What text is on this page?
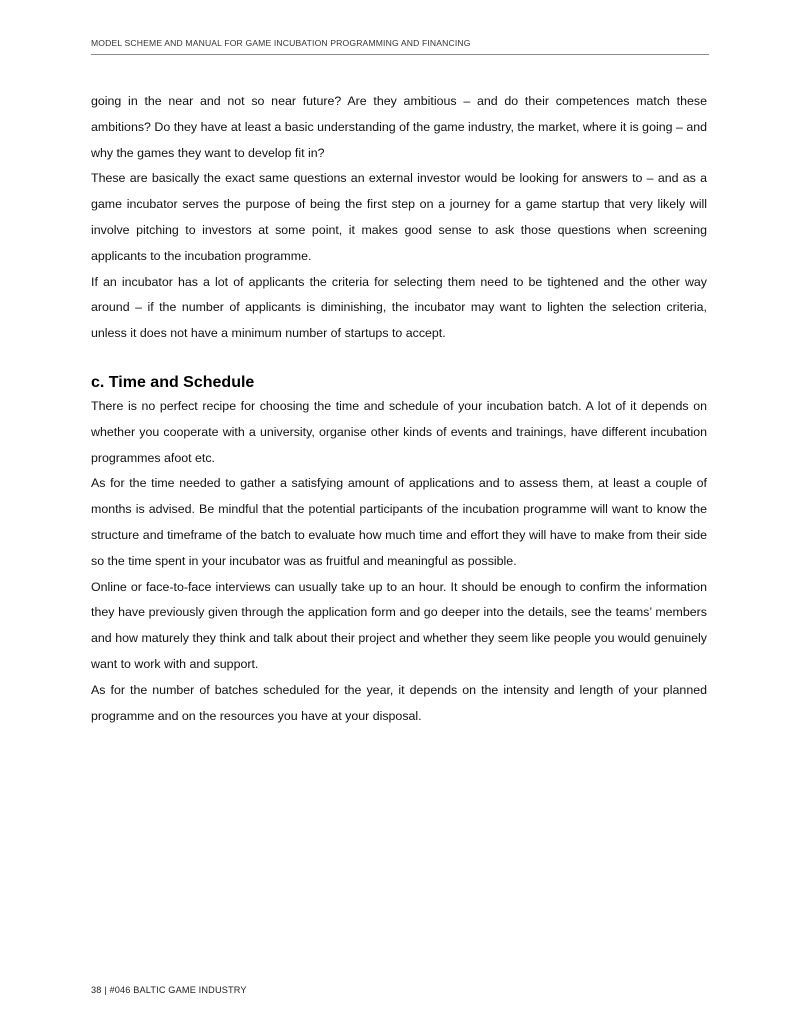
MODEL SCHEME AND MANUAL FOR GAME INCUBATION PROGRAMMING AND FINANCING

going in the near and not so near future? Are they ambitious – and do their competences match these ambitions? Do they have at least a basic understanding of the game industry, the market, where it is going – and why the games they want to develop fit in?

These are basically the exact same questions an external investor would be looking for answers to – and as a game incubator serves the purpose of being the first step on a journey for a game startup that very likely will involve pitching to investors at some point, it makes good sense to ask those questions when screening applicants to the incubation programme.

If an incubator has a lot of applicants the criteria for selecting them need to be tightened and the other way around – if the number of applicants is diminishing, the incubator may want to lighten the selection criteria, unless it does not have a minimum number of startups to accept.

c. Time and Schedule

There is no perfect recipe for choosing the time and schedule of your incubation batch. A lot of it depends on whether you cooperate with a university, organise other kinds of events and trainings, have different incubation programmes afoot etc.

As for the time needed to gather a satisfying amount of applications and to assess them, at least a couple of months is advised. Be mindful that the potential participants of the incubation programme will want to know the structure and timeframe of the batch to evaluate how much time and effort they will have to make from their side so the time spent in your incubator was as fruitful and meaningful as possible.

Online or face-to-face interviews can usually take up to an hour. It should be enough to confirm the information they have previously given through the application form and go deeper into the details, see the teams’ members and how maturely they think and talk about their project and whether they seem like people you would genuinely want to work with and support.

As for the number of batches scheduled for the year, it depends on the intensity and length of your planned programme and on the resources you have at your disposal.

38 | #046 BALTIC GAME INDUSTRY
